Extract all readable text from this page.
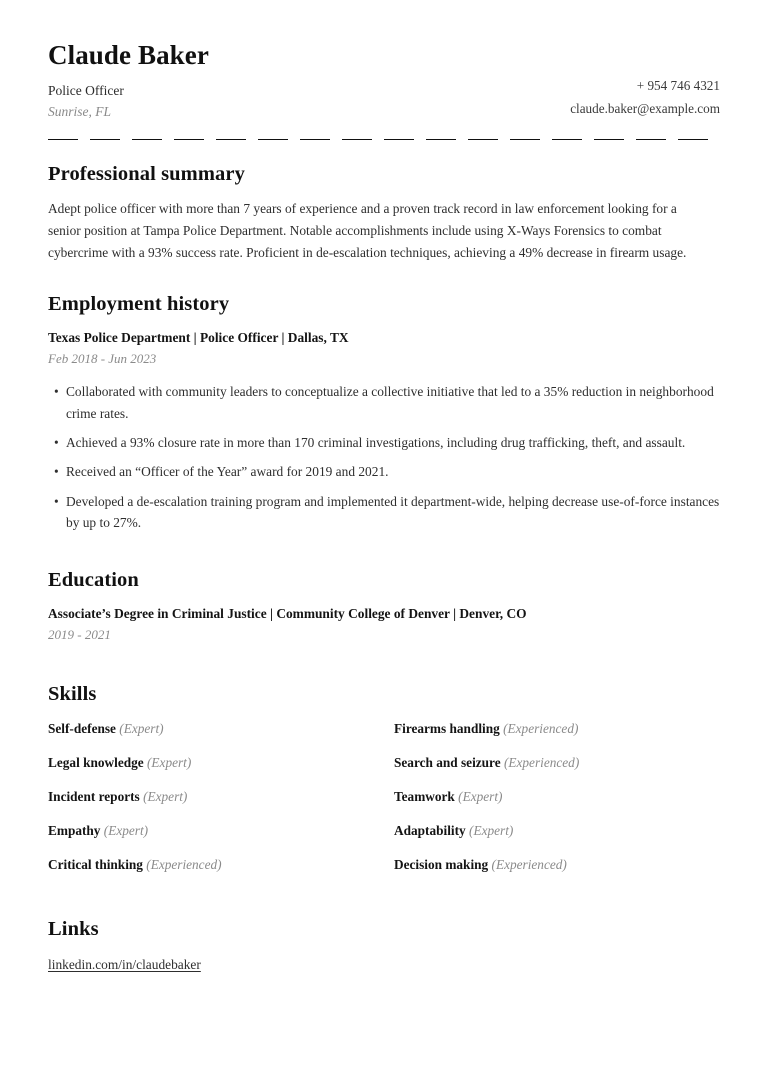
Claude Baker
Police Officer
Sunrise, FL
+ 954 746 4321
claude.baker@example.com
Professional summary
Adept police officer with more than 7 years of experience and a proven track record in law enforcement looking for a senior position at Tampa Police Department. Notable accomplishments include using X-Ways Forensics to combat cybercrime with a 93% success rate. Proficient in de-escalation techniques, achieving a 49% decrease in firearm usage.
Employment history
Texas Police Department | Police Officer | Dallas, TX
Feb 2018 - Jun 2023
• Collaborated with community leaders to conceptualize a collective initiative that led to a 35% reduction in neighborhood crime rates.
• Achieved a 93% closure rate in more than 170 criminal investigations, including drug trafficking, theft, and assault.
• Received an “Officer of the Year” award for 2019 and 2021.
• Developed a de-escalation training program and implemented it department-wide, helping decrease use-of-force instances by up to 27%.
Education
Associate’s Degree in Criminal Justice | Community College of Denver | Denver, CO
2019 - 2021
Skills
Self-defense (Expert)	Firearms handling (Experienced)
Legal knowledge (Expert)	Search and seizure (Experienced)
Incident reports (Expert)	Teamwork (Expert)
Empathy (Expert)	Adaptability (Expert)
Critical thinking (Experienced)	Decision making (Experienced)
Links
linkedin.com/in/claudebaker
